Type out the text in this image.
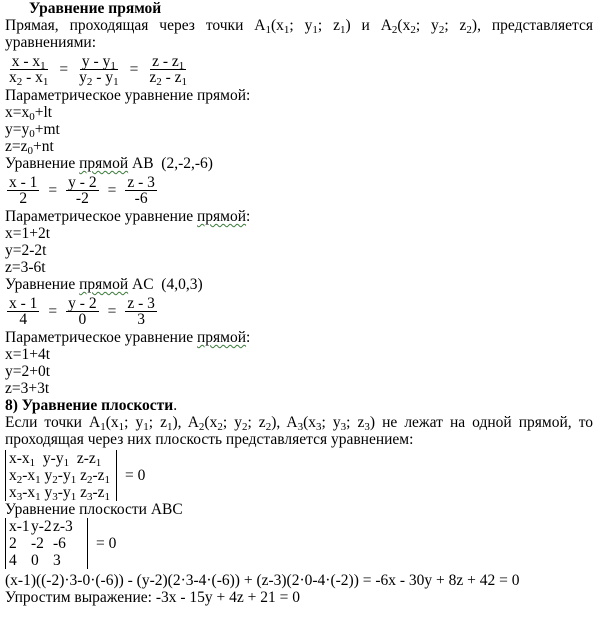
Уравнение прямой
Прямая, проходящая через точки $A_1(x_1$; $y_1$; $z_1$) и $A_2(x_2$; $y_2$; $z_2$), представляется уравнениями:
$\frac{x - x_1}{x_2 - x_1} = \frac{y - y_1}{y_2 - y_1} = \frac{z - z_1}{z_2 - z_1}$
Параметрическое уравнение прямой:
$x=x_0+lt$
$y=y_0+mt$
$z=z_0+nt$
Уравнение прямой AB  (2,-2,-6)
$\frac{x - 1}{2} = \frac{y - 2}{-2} = \frac{z - 3}{-6}$
Параметрическое уравнение прямой:
x=1+2t
y=2-2t
z=3-6t
Уравнение прямой AC  (4,0,3)
$\frac{x - 1}{4} = \frac{y - 2}{0} = \frac{z - 3}{3}$
Параметрическое уравнение прямой:
x=1+4t
y=2+0t
z=3+3t
8) Уравнение плоскости.
Если точки $A_1(x_1$; $y_1$; $z_1$), $A_2(x_2$; $y_2$; $z_2$), $A_3(x_3$; $y_3$; $z_3$) не лежат на одной прямой, то
проходящая через них плоскость представляется уравнением:
$x-x_1$  $y-y_1$  $z-z_1$
$x_2-x_1$ $y_2-y_1$ $z_2-z_1$
$x_3-x_1$ $y_3-y_1$ $z_3-z_1$
= 0
Уравнение плоскости ABC
x-1 y-2 z-3
2 -2 -6
4 0 3
= 0
(x-1)((-2)·3-0·(-6)) - (y-2)(2·3-4·(-6)) + (z-3)(2·0-4·(-2)) = -6x - 30y + 8z + 42 = 0
Упростим выражение: -3x - 15y + 4z + 21 = 0
